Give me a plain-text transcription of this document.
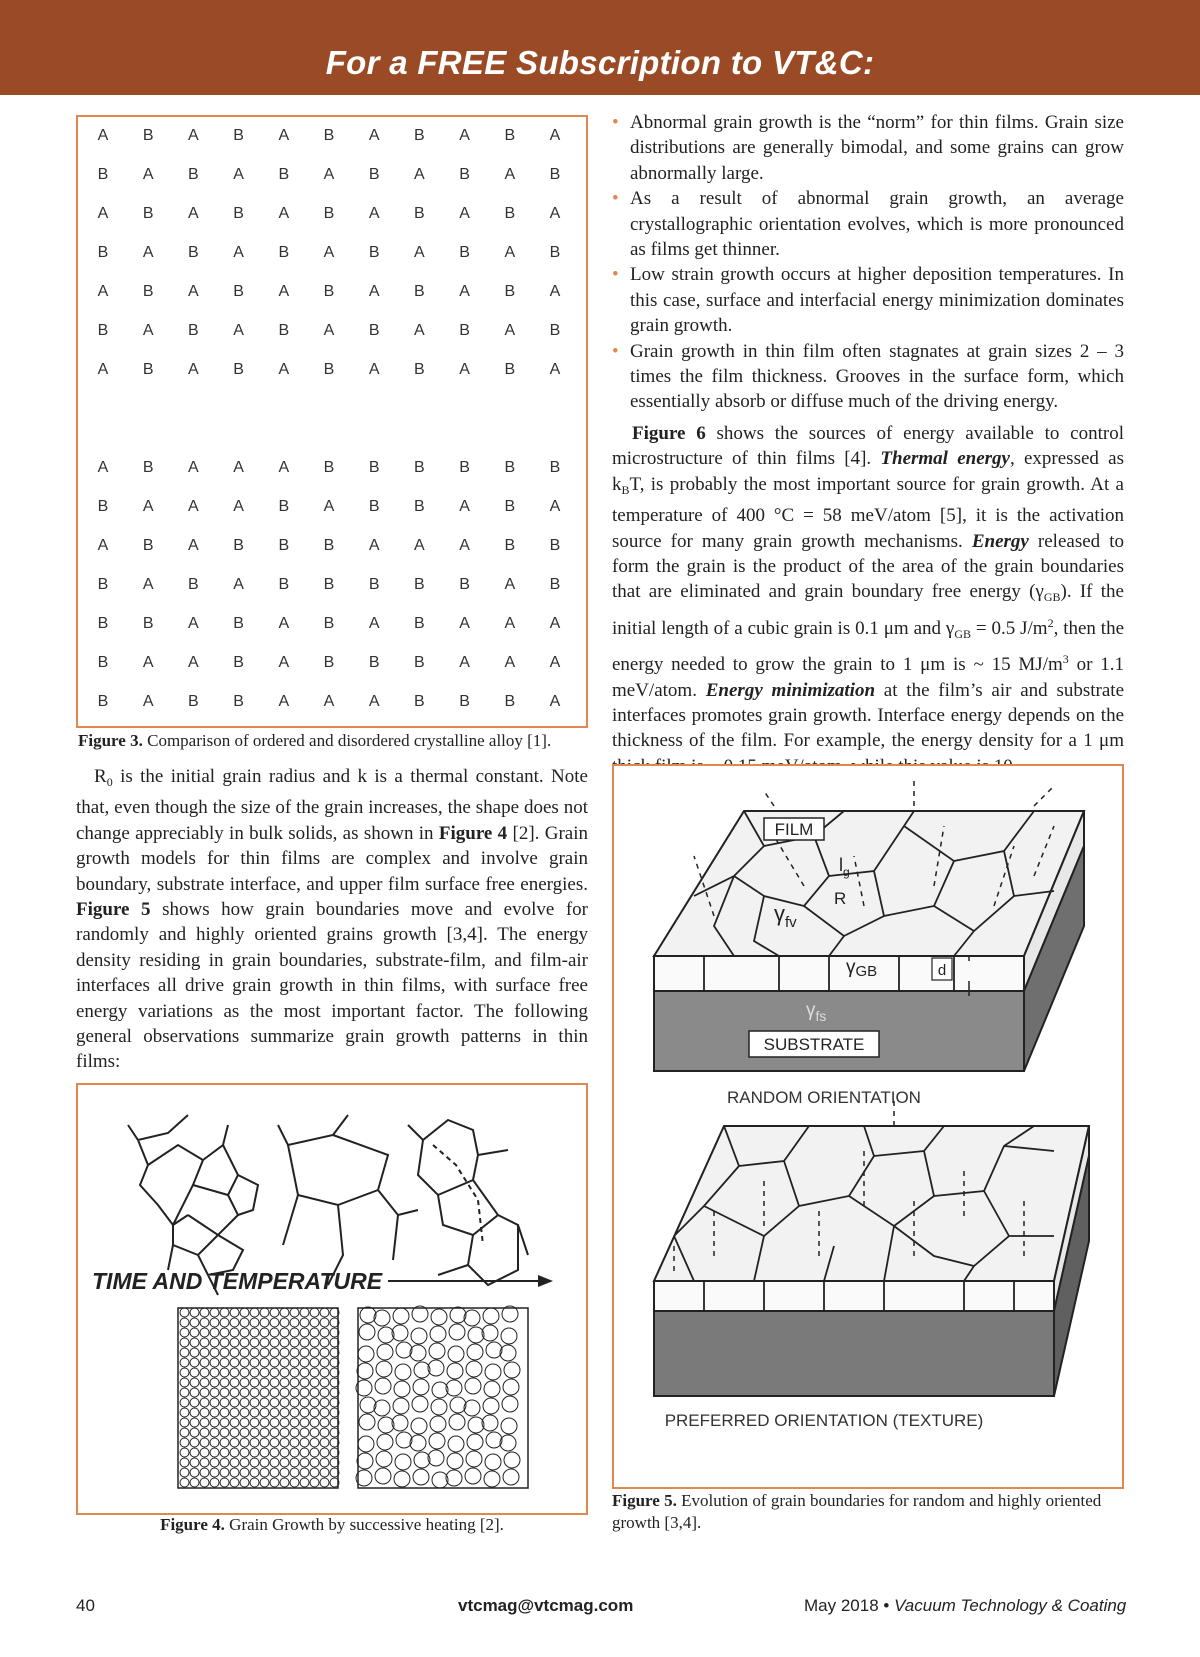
For a FREE Subscription to VT&C:
A B A B A B A B A B A
B A B A B A B A B A B
A B A B A B A B A B A
B A B A B A B A B A B
A B A B A B A B A B A
B A B A B A B A B A B
A B A B A B A B A B A
A B A A A B B B B B B
B A A A B A B B A B A
A B A B B B A A A B B
B A B A B B B B B A B
B B A B A B A B A A A
B A A B A B B B A A A
B A B B A A A B B B A
Figure 3. Comparison of ordered and disordered crystalline alloy [1].
$R_0$ is the initial grain radius and k is a thermal constant. Note that, even though the size of the grain increases, the shape does not change appreciably in bulk solids, as shown in Figure 4 [2]. Grain growth models for thin films are complex and involve grain boundary, substrate interface, and upper film surface free energies. Figure 5 shows how grain boundaries move and evolve for randomly and highly oriented grains growth [3,4]. The energy density residing in grain boundaries, substrate-film, and film-air interfaces all drive grain growth in thin films, with surface free energy variations as the most important factor. The following general observations summarize grain growth patterns in thin films:
TIME AND TEMPERATURE
Figure 4. Grain Growth by successive heating [2].
• Abnormal grain growth is the “norm” for thin films. Grain size distributions are generally bimodal, and some grains can grow abnormally large.
• As a result of abnormal grain growth, an average crystallographic orientation evolves, which is more pronounced as films get thinner.
• Low strain growth occurs at higher deposition temperatures. In this case, surface and interfacial energy minimization dominates grain growth.
• Grain growth in thin film often stagnates at grain sizes 2 – 3 times the film thickness. Grooves in the surface form, which essentially absorb or diffuse much of the driving energy.
Figure 6 shows the sources of energy available to control microstructure of thin films [4]. Thermal energy, expressed as $k_BT$, is probably the most important source for grain growth. At a temperature of 400 °C = 58 meV/atom [5], it is the activation source for many grain growth mechanisms. Energy released to form the grain is the product of the area of the grain boundaries that are eliminated and grain boundary free energy $(\gamma_{GB})$. If the initial length of a cubic grain is 0.1 μm and $\gamma_{GB} = 0.5$ $J/m^2$, then the energy needed to grow the grain to 1 μm is ~ 15 $MJ/m^3$ or 1.1 meV/atom. Energy minimization at the film’s air and substrate interfaces promotes grain growth. Interface energy depends on the thickness of the film. For example, the energy density for a 1 μm
FILM
$l_g$
R
$\gamma_{fv}$
γGB	d
$\gamma_{fs}$
SUBSTRATE
RANDOM ORIENTATION
PREFERRED ORIENTATION (TEXTURE)
Figure 5. Evolution of grain boundaries for random and highly oriented growth [3,4].
40	vtcmag@vtcmag.com	May 2018 • Vacuum Technology & Coating
